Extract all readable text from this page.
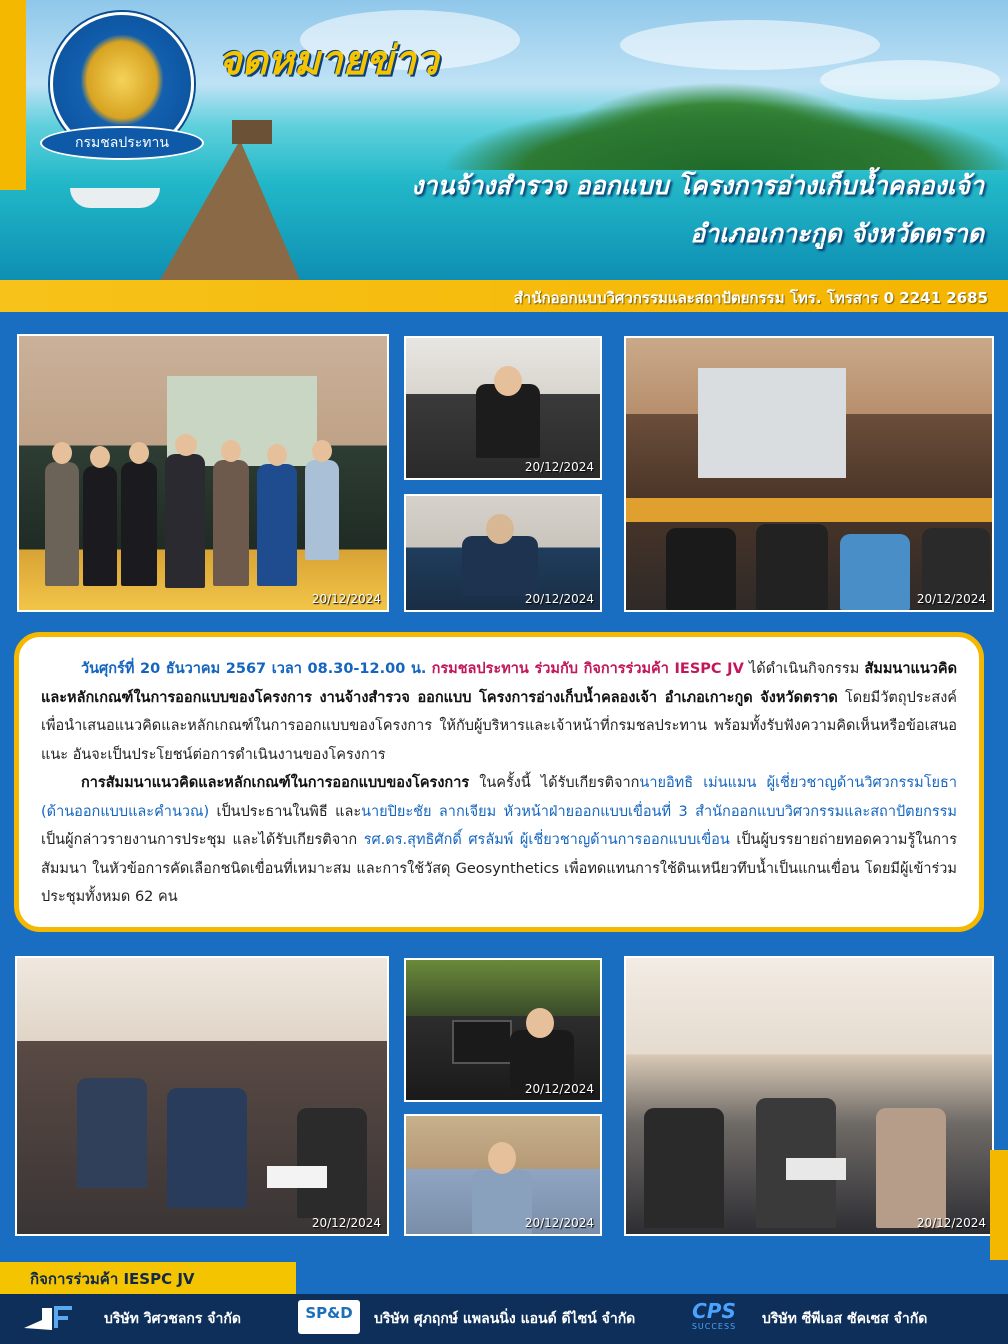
กรมชลประทาน
จดหมายข่าว
งานจ้างสำรวจ ออกแบบ โครงการอ่างเก็บน้ำคลองเจ้า
อำเภอเกาะกูด จังหวัดตราด
สำนักออกแบบวิศวกรรมและสถาปัตยกรรม โทร. โทรสาร 0 2241 2685
20/12/2024
20/12/2024
20/12/2024	20/12/2024

วันศุกร์ที่ 20 ธันวาคม 2567 เวลา 08.30-12.00 น. กรมชลประทาน ร่วมกับ กิจการร่วมค้า IESPC JV ได้ดำเนินกิจกรรม สัมมนาแนวคิดและหลักเกณฑ์ในการออกแบบของโครงการ งานจ้างสำรวจ ออกแบบ โครงการอ่างเก็บน้ำคลองเจ้า อำเภอเกาะกูด จังหวัดตราด โดยมีวัตถุประสงค์เพื่อนำเสนอแนวคิดและหลักเกณฑ์ในการออกแบบของโครงการ ให้กับผู้บริหารและเจ้าหน้าที่กรมชลประทาน พร้อมทั้งรับฟังความคิดเห็นหรือข้อเสนอแนะ อันจะเป็นประโยชน์ต่อการดำเนินงานของโครงการ

การสัมมนาแนวคิดและหลักเกณฑ์ในการออกแบบของโครงการ ในครั้งนี้ ได้รับเกียรติจากนายอิทธิ เม่นแมน ผู้เชี่ยวชาญด้านวิศวกรรมโยธา (ด้านออกแบบและคำนวณ) เป็นประธานในพิธี และนายปิยะชัย ลากเจียม หัวหน้าฝ่ายออกแบบเขื่อนที่ 3 สำนักออกแบบวิศวกรรมและสถาปัตยกรรม เป็นผู้กล่าวรายงานการประชุม และได้รับเกียรติจาก รศ.ดร.สุทธิศักดิ์ ศรลัมพ์ ผู้เชี่ยวชาญด้านการออกแบบเขื่อน เป็นผู้บรรยายถ่ายทอดความรู้ในการสัมมนา ในหัวข้อการคัดเลือกชนิดเขื่อนที่เหมาะสม และการใช้วัสดุ Geosynthetics เพื่อทดแทนการใช้ดินเหนียวทึบน้ำเป็นแกนเขื่อน โดยมีผู้เข้าร่วมประชุมทั้งหมด 62 คน

20/12/2024
20/12/2024
20/12/2024	20/12/2024
กิจการร่วมค้า IESPC JV
บริษัท วิศวชลกร จำกัด	SP&D	บริษัท ศุภฤกษ์ แพลนนิ่ง แอนด์ ดีไซน์ จำกัด	CPS
SUCCESS	บริษัท ซีพีเอส ซัคเซส จำกัด
